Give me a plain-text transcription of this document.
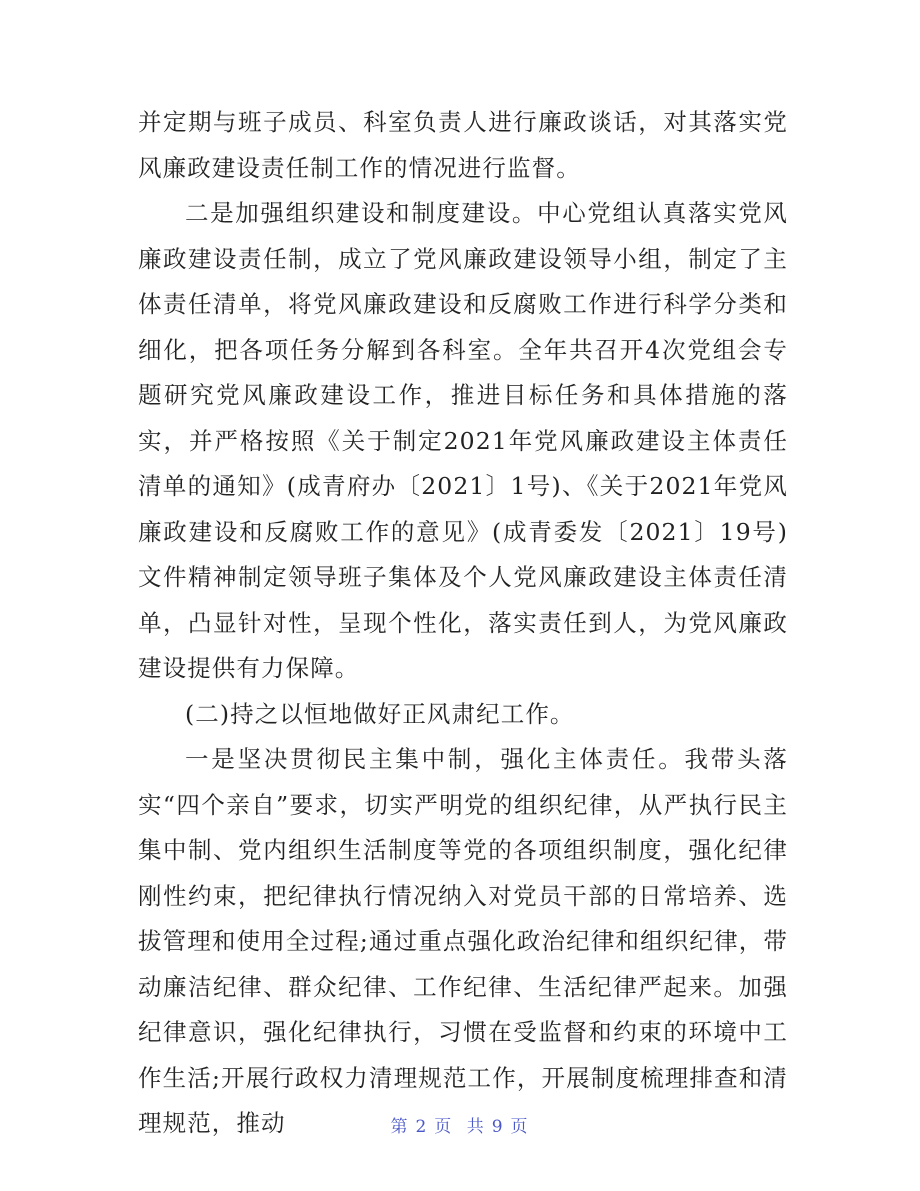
并定期与班子成员、科室负责人进行廉政谈话，对其落实党风廉政建设责任制工作的情况进行监督。

二是加强组织建设和制度建设。中心党组认真落实党风廉政建设责任制，成立了党风廉政建设领导小组，制定了主体责任清单，将党风廉政建设和反腐败工作进行科学分类和细化，把各项任务分解到各科室。全年共召开4次党组会专题研究党风廉政建设工作，推进目标任务和具体措施的落实，并严格按照《关于制定2021年党风廉政建设主体责任清单的通知》(成青府办〔2021〕1号)、《关于2021年党风廉政建设和反腐败工作的意见》(成青委发〔2021〕19号)文件精神制定领导班子集体及个人党风廉政建设主体责任清单，凸显针对性，呈现个性化，落实责任到人，为党风廉政建设提供有力保障。

(二)持之以恒地做好正风肃纪工作。

一是坚决贯彻民主集中制，强化主体责任。我带头落实“四个亲自”要求，切实严明党的组织纪律，从严执行民主集中制、党内组织生活制度等党的各项组织制度，强化纪律刚性约束，把纪律执行情况纳入对党员干部的日常培养、选拔管理和使用全过程;通过重点强化政治纪律和组织纪律，带动廉洁纪律、群众纪律、工作纪律、生活纪律严起来。加强纪律意识，强化纪律执行，习惯在受监督和约束的环境中工作生活;开展行政权力清理规范工作，开展制度梳理排查和清理规范，推动	第 2 页 共 9 页
